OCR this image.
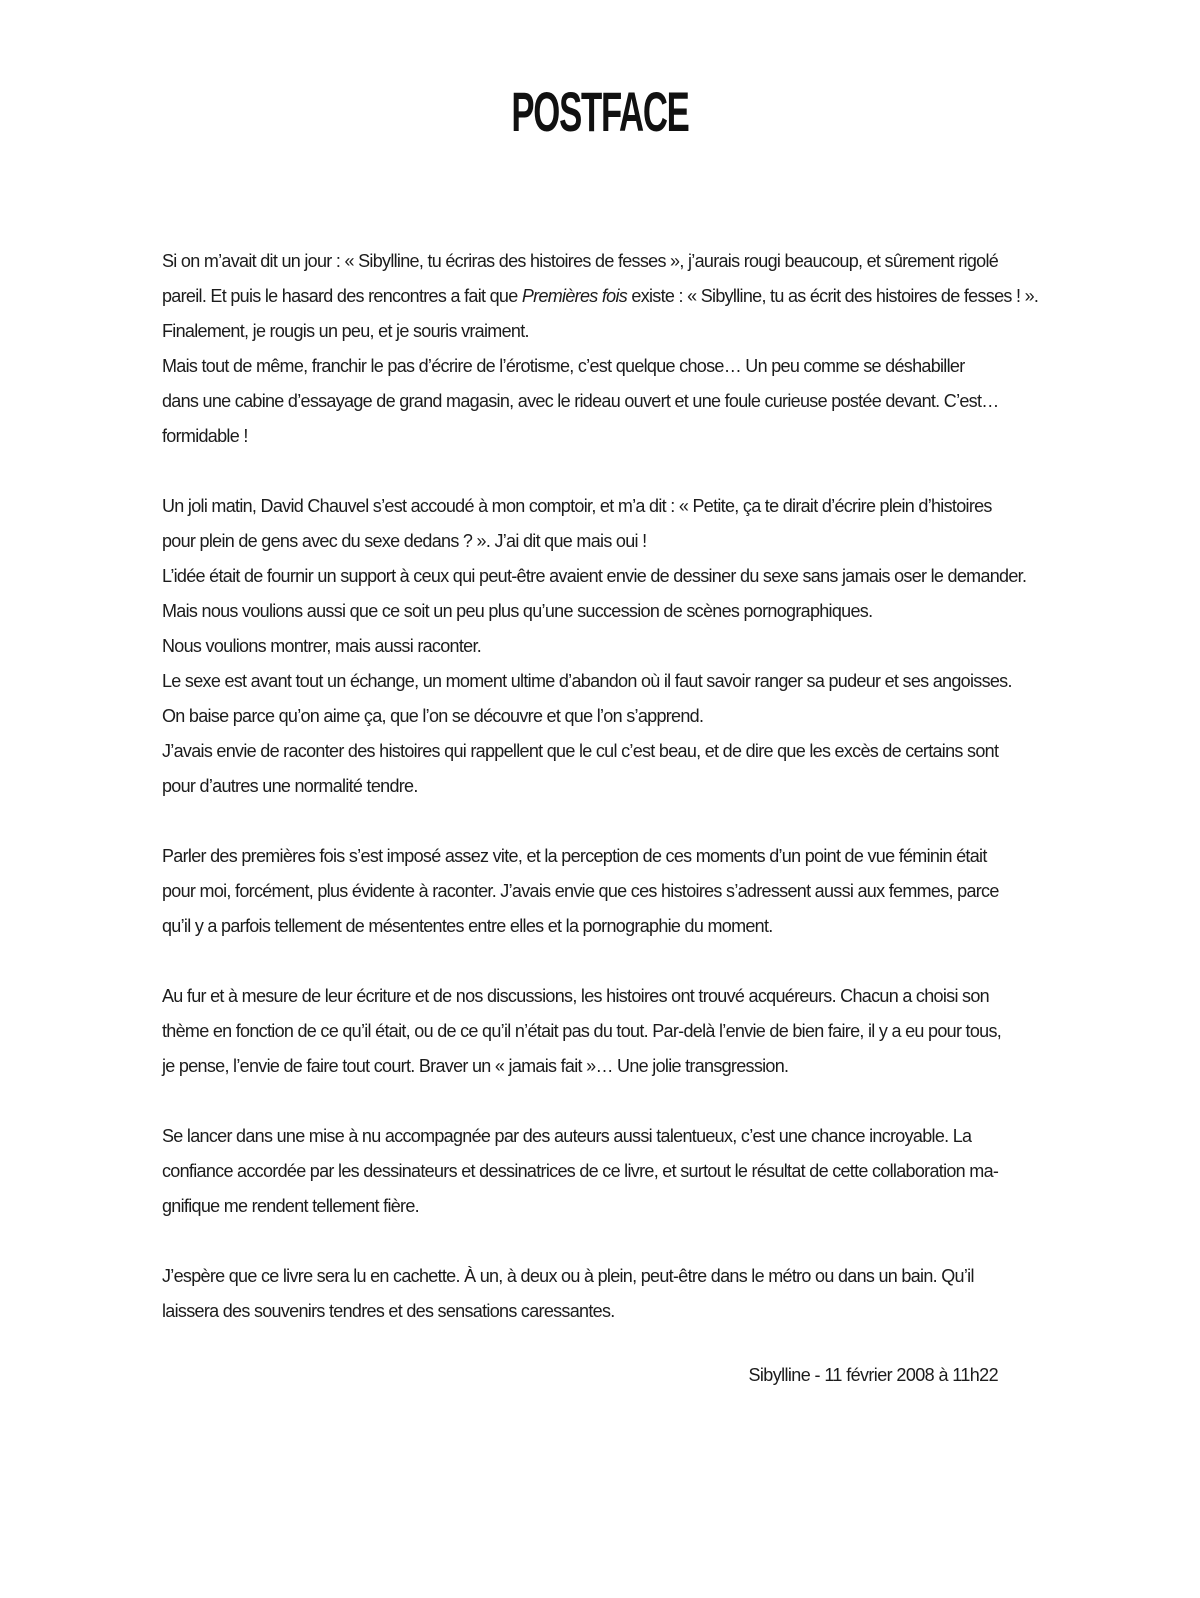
POSTFACE
Si on m’avait dit un jour : « Sibylline, tu écriras des histoires de fesses », j’aurais rougi beaucoup, et sûrement rigolé
pareil. Et puis le hasard des rencontres a fait que Premières fois existe : « Sibylline, tu as écrit des histoires de fesses ! ».
Finalement, je rougis un peu, et je souris vraiment.
Mais tout de même, franchir le pas d’écrire de l’érotisme, c’est quelque chose… Un peu comme se déshabiller
dans une cabine d’essayage de grand magasin, avec le rideau ouvert et une foule curieuse postée devant. C’est…
formidable !
Un joli matin, David Chauvel s’est accoudé à mon comptoir, et m’a dit : « Petite, ça te dirait d’écrire plein d’histoires
pour plein de gens avec du sexe dedans ? ». J’ai dit que mais oui !
L’idée était de fournir un support à ceux qui peut-être avaient envie de dessiner du sexe sans jamais oser le demander.
Mais nous voulions aussi que ce soit un peu plus qu’une succession de scènes pornographiques.
Nous voulions montrer, mais aussi raconter.
Le sexe est avant tout un échange, un moment ultime d’abandon où il faut savoir ranger sa pudeur et ses angoisses.
On baise parce qu’on aime ça, que l’on se découvre et que l’on s’apprend.
J’avais envie de raconter des histoires qui rappellent que le cul c’est beau, et de dire que les excès de certains sont
pour d’autres une normalité tendre.
Parler des premières fois s’est imposé assez vite, et la perception de ces moments d’un point de vue féminin était
pour moi, forcément, plus évidente à raconter. J’avais envie que ces histoires s’adressent aussi aux femmes, parce
qu’il y a parfois tellement de mésententes entre elles et la pornographie du moment.
Au fur et à mesure de leur écriture et de nos discussions, les histoires ont trouvé acquéreurs. Chacun a choisi son
thème en fonction de ce qu’il était, ou de ce qu’il n’était pas du tout. Par-delà l’envie de bien faire, il y a eu pour tous,
je pense, l’envie de faire tout court. Braver un « jamais fait »… Une jolie transgression.
Se lancer dans une mise à nu accompagnée par des auteurs aussi talentueux, c’est une chance incroyable. La
confiance accordée par les dessinateurs et dessinatrices de ce livre, et surtout le résultat de cette collaboration ma-
gnifique me rendent tellement fière.
J’espère que ce livre sera lu en cachette. À un, à deux ou à plein, peut-être dans le métro ou dans un bain. Qu’il
laissera des souvenirs tendres et des sensations caressantes.
Sibylline - 11 février 2008 à 11h22
